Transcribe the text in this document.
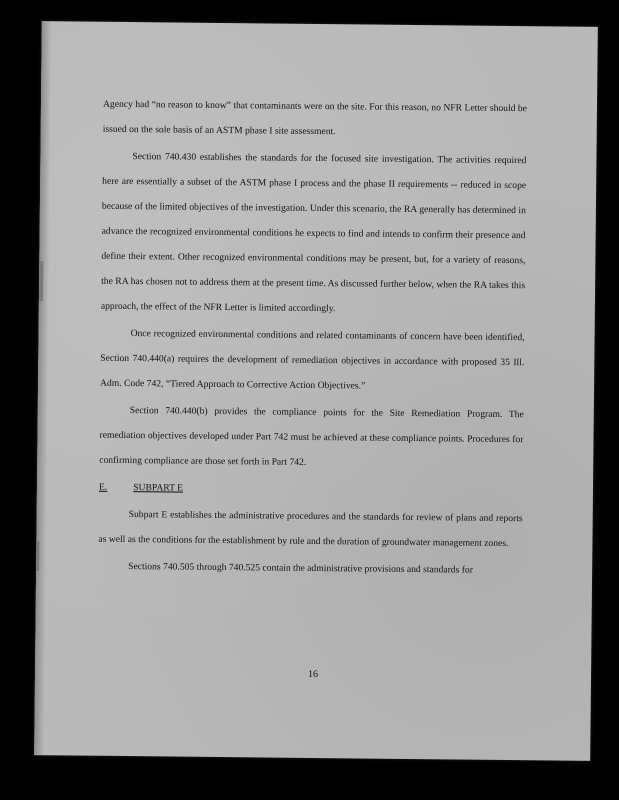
Agency had “no reason to know” that contaminants were on the site. For this reason, no NFR Letter should be issued on the sole basis of an ASTM phase I site assessment.

Section 740.430 establishes the standards for the focused site investigation. The activities required here are essentially a subset of the ASTM phase I process and the phase II requirements -- reduced in scope because of the limited objectives of the investigation. Under this scenario, the RA generally has determined in advance the recognized environmental conditions he expects to find and intends to confirm their presence and define their extent. Other recognized environmental conditions may be present, but, for a variety of reasons, the RA has chosen not to address them at the present time. As discussed further below, when the RA takes this approach, the effect of the NFR Letter is limited accordingly.

Once recognized environmental conditions and related contaminants of concern have been identified, Section 740.440(a) requires the development of remediation objectives in accordance with proposed 35 Ill. Adm. Code 742, “Tiered Approach to Corrective Action Objectives.”

Section 740.440(b) provides the compliance points for the Site Remediation Program. The remediation objectives developed under Part 742 must be achieved at these compliance points. Procedures for confirming compliance are those set forth in Part 742.

E.	SUBPART E

Subpart E establishes the administrative procedures and the standards for review of plans and reports as well as the conditions for the establishment by rule and the duration of groundwater management zones.

Sections 740.505 through 740.525 contain the administrative provisions and standards for

16
